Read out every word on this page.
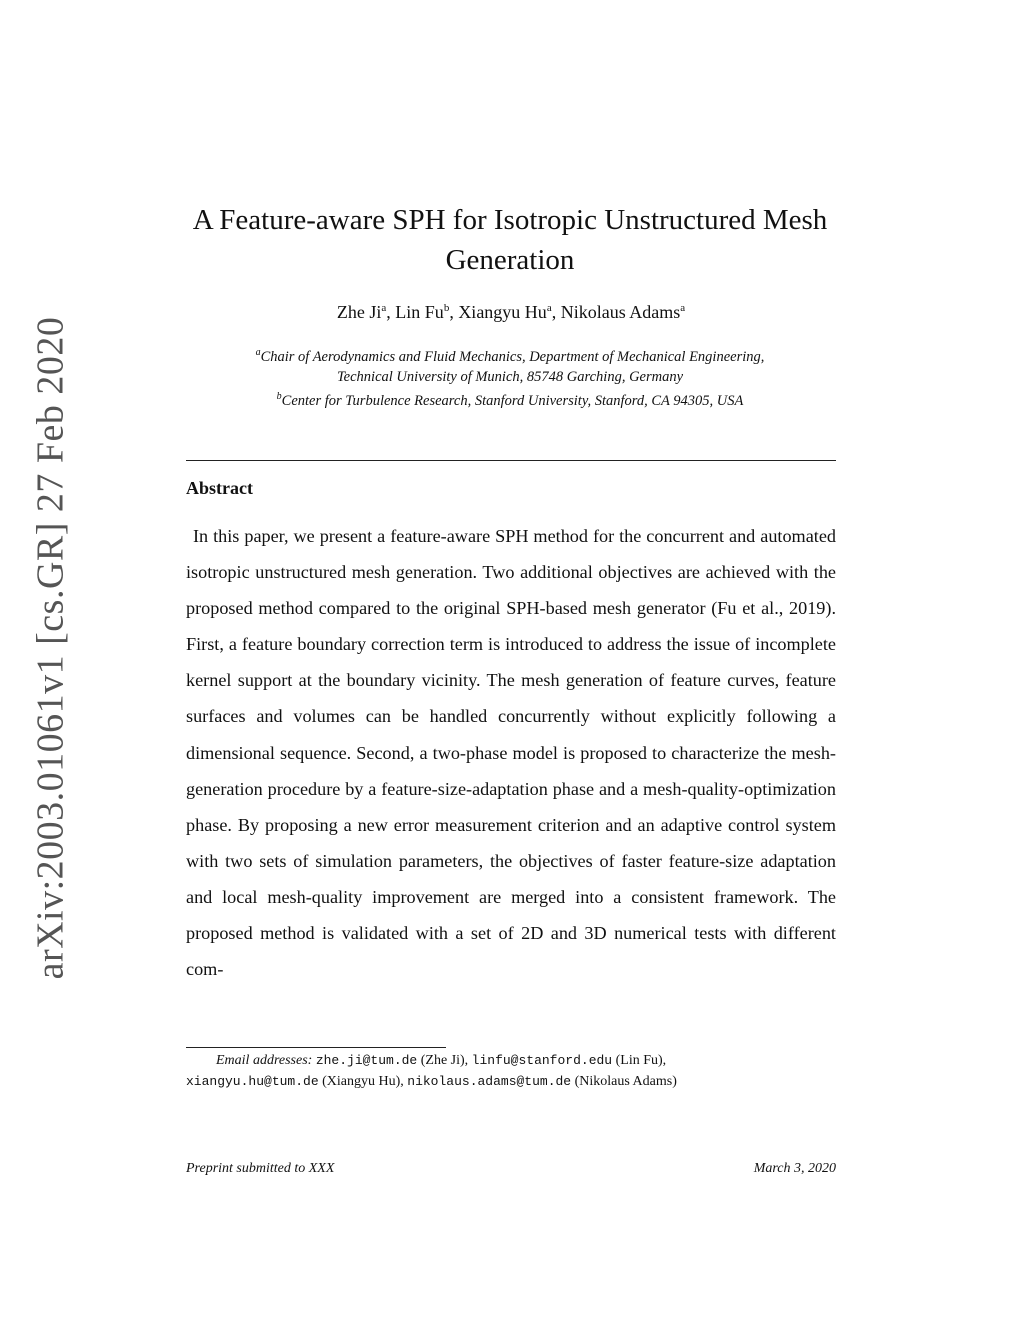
arXiv:2003.01061v1 [cs.GR] 27 Feb 2020
A Feature-aware SPH for Isotropic Unstructured Mesh Generation
Zhe Ji$^a$, Lin Fu$^b$, Xiangyu Hu$^a$, Nikolaus Adams$^a$
$^a$Chair of Aerodynamics and Fluid Mechanics, Department of Mechanical Engineering,
Technical University of Munich, 85748 Garching, Germany
$^b$Center for Turbulence Research, Stanford University, Stanford, CA 94305, USA
Abstract

In this paper, we present a feature-aware SPH method for the concurrent and automated isotropic unstructured mesh generation. Two additional objectives are achieved with the proposed method compared to the original SPH-based mesh generator (Fu et al., 2019). First, a feature boundary correction term is introduced to address the issue of incomplete kernel support at the boundary vicinity. The mesh generation of feature curves, feature surfaces and volumes can be handled concurrently without explicitly following a dimensional sequence. Second, a two-phase model is proposed to characterize the mesh-generation procedure by a feature-size-adaptation phase and a mesh-quality-optimization phase. By proposing a new error measurement criterion and an adaptive control system with two sets of simulation parameters, the objectives of faster feature-size adaptation and local mesh-quality improvement are merged into a consistent framework. The proposed method is validated with a set of 2D and 3D numerical tests with different com-

Email addresses: zhe.ji@tum.de (Zhe Ji), linfu@stanford.edu (Lin Fu),
xiangyu.hu@tum.de (Xiangyu Hu), nikolaus.adams@tum.de (Nikolaus Adams)
Preprint submitted to XXX	March 3, 2020
